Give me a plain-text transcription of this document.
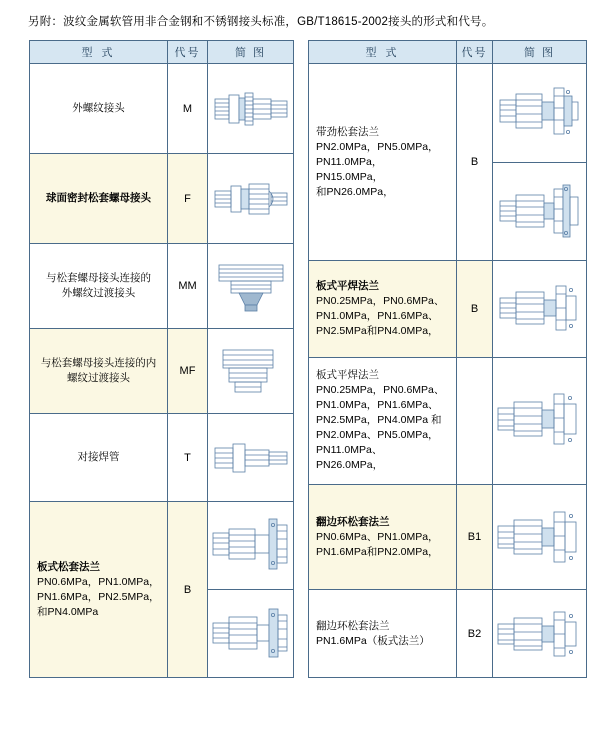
另附：波纹金属软管用非合金钢和不锈钢接头标准，GB/T18615-2002接头的形式和代号。
型 式	代号	简 图

外螺纹接头	M	

球面密封松套螺母接头	F	

与松套螺母接头连接的
外螺纹过渡接头	MM	

与松套螺母接头连接的内
螺纹过渡接头	MF	

对接焊管	T	

板式松套法兰
PN0.6MPa，PN1.0MPa，
PN1.6MPa，PN2.5MPa，
和PN4.0MPa	B	

型 式	代号	简 图

带劲松套法兰
PN2.0MPa，PN5.0MPa，
PN11.0MPa，PN15.0MPa，
和PN26.0MPa，	B	

板式平焊法兰
PN0.25MPa，PN0.6MPa、
PN1.0MPa，PN1.6MPa、
PN2.5MPa和PN4.0MPa，	B	

板式平焊法兰
PN0.25MPa，PN0.6MPa、
PN1.0MPa，PN1.6MPa、
PN2.5MPa，PN4.0MPa 和
PN2.0MPa、PN5.0MPa，
PN11.0MPa、PN26.0MPa，

翻边环松套法兰
PN0.6MPa、PN1.0MPa，
PN1.6MPa和PN2.0MPa，	B1	

翻边环松套法兰
PN1.6MPa（板式法兰）	B2	
